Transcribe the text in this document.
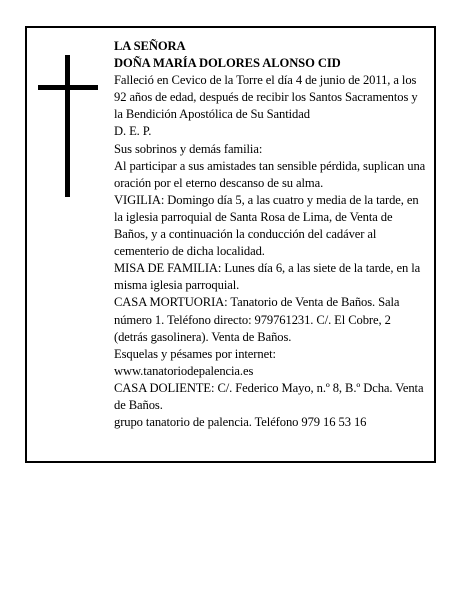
LA SEÑORA

DOÑA MARÍA DOLORES ALONSO CID

Falleció en Cevico de la Torre el día 4 de junio de 2011, a los 92 años de edad, después de recibir los Santos Sacramentos y la Bendición Apostólica de Su Santidad

D. E. P.

Sus sobrinos y demás familia:

Al participar a sus amistades tan sensible pérdida, suplican una oración por el eterno descanso de su alma.

VIGILIA: Domingo día 5, a las cuatro y media de la tarde, en la iglesia parroquial de Santa Rosa de Lima, de Venta de Baños, y a continuación la conducción del cadáver al cementerio de dicha localidad.

MISA DE FAMILIA: Lunes día 6, a las siete de la tarde, en la misma iglesia parroquial.

CASA MORTUORIA: Tanatorio de Venta de Baños. Sala número 1. Teléfono directo: 979761231. C/. El Cobre, 2 (detrás gasolinera). Venta de Baños.

Esquelas y pésames por internet:

www.tanatoriodepalencia.es

CASA DOLIENTE: C/. Federico Mayo, n.º 8, B.º Dcha. Venta de Baños.

grupo tanatorio de palencia. Teléfono 979 16 53 16
